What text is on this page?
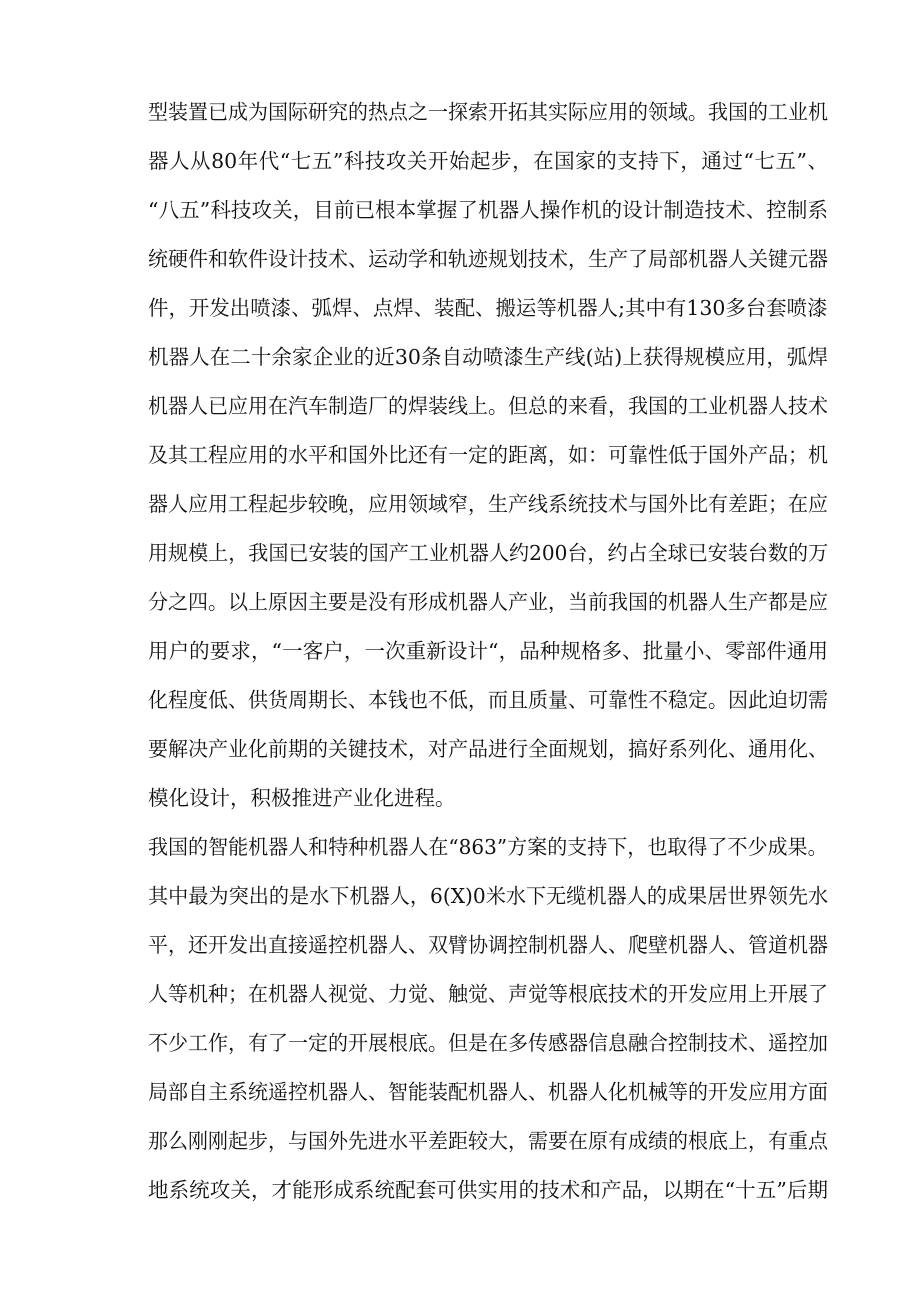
型装置已成为国际研究的热点之一探索开拓其实际应用的领域。我国的工业机
器人从80年代“七五”科技攻关开始起步，在国家的支持下，通过“七五”、
“八五”科技攻关，目前已根本掌握了机器人操作机的设计制造技术、控制系
统硬件和软件设计技术、运动学和轨迹规划技术，生产了局部机器人关键元器
件，开发出喷漆、弧焊、点焊、装配、搬运等机器人;其中有130多台套喷漆
机器人在二十余家企业的近30条自动喷漆生产线(站)上获得规模应用，弧焊
机器人已应用在汽车制造厂的焊装线上。但总的来看，我国的工业机器人技术
及其工程应用的水平和国外比还有一定的距离，如：可靠性低于国外产品；机
器人应用工程起步较晚，应用领域窄，生产线系统技术与国外比有差距；在应
用规模上，我国已安装的国产工业机器人约200台，约占全球已安装台数的万
分之四。以上原因主要是没有形成机器人产业，当前我国的机器人生产都是应
用户的要求，“一客户，一次重新设计“，品种规格多、批量小、零部件通用
化程度低、供货周期长、本钱也不低，而且质量、可靠性不稳定。因此迫切需
要解决产业化前期的关键技术，对产品进行全面规划，搞好系列化、通用化、
模化设计，积极推进产业化进程。
我国的智能机器人和特种机器人在“863”方案的支持下，也取得了不少成果。
其中最为突出的是水下机器人，6(X)0米水下无缆机器人的成果居世界领先水
平，还开发出直接遥控机器人、双臂协调控制机器人、爬壁机器人、管道机器
人等机种；在机器人视觉、力觉、触觉、声觉等根底技术的开发应用上开展了
不少工作，有了一定的开展根底。但是在多传感器信息融合控制技术、遥控加
局部自主系统遥控机器人、智能装配机器人、机器人化机械等的开发应用方面
那么刚刚起步，与国外先进水平差距较大，需要在原有成绩的根底上，有重点
地系统攻关，才能形成系统配套可供实用的技术和产品，以期在“十五”后期
